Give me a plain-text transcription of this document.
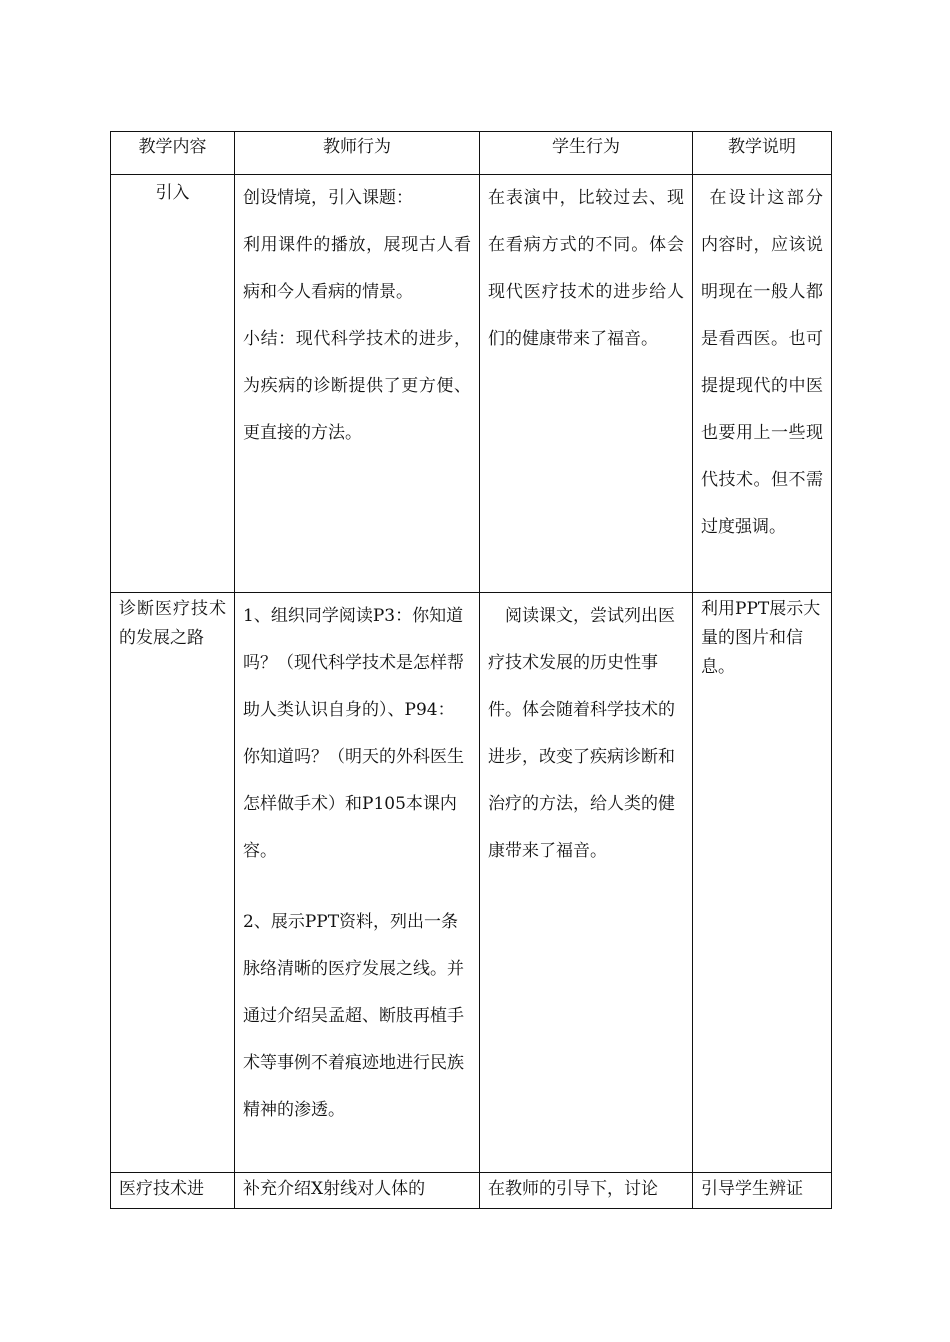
教学内容	教师行为	学生行为	教学说明

引入	创设情境，引入课题：
利用课件的播放，展现古人看病和今人看病的情景。
小结：现代科学技术的进步，为疾病的诊断提供了更方便、更直接的方法。	在表演中，比较过去、现在看病方式的不同。体会现代医疗技术的进步给人们的健康带来了福音。	在设计这部分内容时，应该说明现在一般人都是看西医。也可提提现代的中医也要用上一些现代技术。但不需过度强调。

诊断医疗技术的发展之路	1、组织同学阅读P3：你知道吗？（现代科学技术是怎样帮助人类认识自身的）、P94：你知道吗？（明天的外科医生怎样做手术）和P105本课内容。
2、展示PPT资料，列出一条脉络清晰的医疗发展之线。并通过介绍吴孟超、断肢再植手术等事例不着痕迹地进行民族精神的渗透。	阅读课文，尝试列出医疗技术发展的历史性事件。体会随着科学技术的进步，改变了疾病诊断和治疗的方法，给人类的健康带来了福音。	利用PPT展示大量的图片和信息。

医疗技术进	补充介绍X射线对人体的	在教师的引导下，讨论	引导学生辨证
